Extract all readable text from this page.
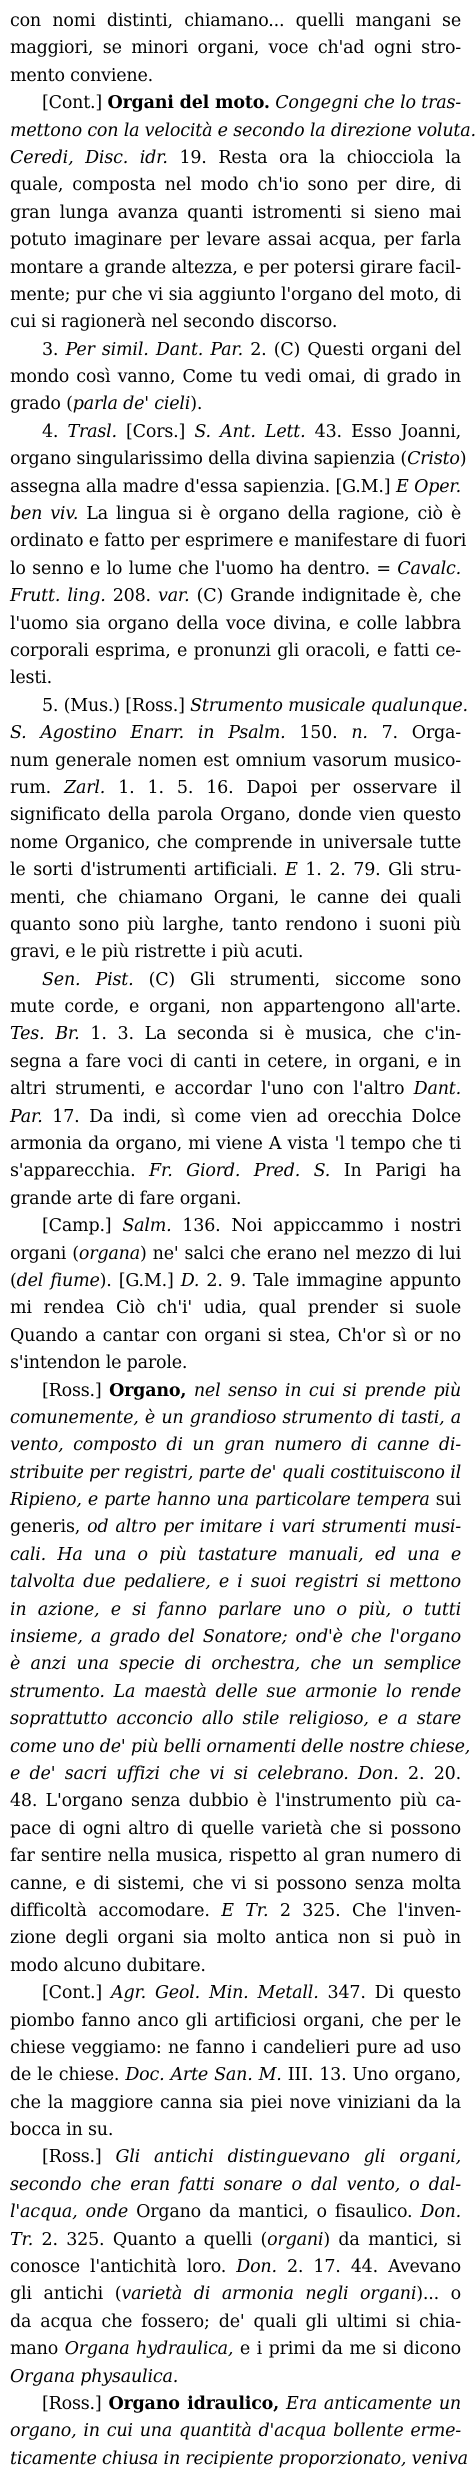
con nomi distinti, chiamano... quelli mangani se
maggiori, se minori organi, voce ch'ad ogni stro-
mento conviene.
[Cont.] Organi del moto. Congegni che lo tras-
mettono con la velocità e secondo la direzione voluta.
Ceredi, Disc. idr. 19. Resta ora la chiocciola la
quale, composta nel modo ch'io sono per dire, di
gran lunga avanza quanti istromenti si sieno mai
potuto imaginare per levare assai acqua, per farla
montare a grande altezza, e per potersi girare facil-
mente; pur che vi sia aggiunto l'organo del moto, di
cui si ragionerà nel secondo discorso.
3. Per simil. Dant. Par. 2. (C) Questi organi del
mondo così vanno, Come tu vedi omai, di grado in
grado (parla de' cieli).
4. Trasl. [Cors.] S. Ant. Lett. 43. Esso Joanni,
organo singularissimo della divina sapienzia (Cristo)
assegna alla madre d'essa sapienzia. [G.M.] E Oper.
ben viv. La lingua si è organo della ragione, ciò è
ordinato e fatto per esprimere e manifestare di fuori
lo senno e lo lume che l'uomo ha dentro. = Cavalc.
Frutt. ling. 208. var. (C) Grande indignitade è, che
l'uomo sia organo della voce divina, e colle labbra
corporali esprima, e pronunzi gli oracoli, e fatti ce-
lesti.
5. (Mus.) [Ross.] Strumento musicale qualunque.
S. Agostino Enarr. in Psalm. 150. n. 7. Orga-
num generale nomen est omnium vasorum musico-
rum. Zarl. 1. 1. 5. 16. Dapoi per osservare il
significato della parola Organo, donde vien questo
nome Organico, che comprende in universale tutte
le sorti d'istrumenti artificiali. E 1. 2. 79. Gli stru-
menti, che chiamano Organi, le canne dei quali
quanto sono più larghe, tanto rendono i suoni più
gravi, e le più ristrette i più acuti.
Sen. Pist. (C) Gli strumenti, siccome sono
mute corde, e organi, non appartengono all'arte.
Tes. Br. 1. 3. La seconda si è musica, che c'in-
segna a fare voci di canti in cetere, in organi, e in
altri strumenti, e accordar l'uno con l'altro Dant.
Par. 17. Da indi, sì come vien ad orecchia Dolce
armonia da organo, mi viene A vista 'l tempo che ti
s'apparecchia. Fr. Giord. Pred. S. In Parigi ha
grande arte di fare organi.
[Camp.] Salm. 136. Noi appiccammo i nostri
organi (organa) ne' salci che erano nel mezzo di lui
(del fiume). [G.M.] D. 2. 9. Tale immagine appunto
mi rendea Ciò ch'i' udia, qual prender si suole
Quando a cantar con organi si stea, Ch'or sì or no
s'intendon le parole.
[Ross.] Organo, nel senso in cui si prende più
comunemente, è un grandioso strumento di tasti, a
vento, composto di un gran numero di canne di-
stribuite per registri, parte de' quali costituiscono il
Ripieno, e parte hanno una particolare tempera sui
generis, od altro per imitare i vari strumenti musi-
cali. Ha una o più tastature manuali, ed una e
talvolta due pedaliere, e i suoi registri si mettono
in azione, e si fanno parlare uno o più, o tutti
insieme, a grado del Sonatore; ond'è che l'organo
è anzi una specie di orchestra, che un semplice
strumento. La maestà delle sue armonie lo rende
soprattutto acconcio allo stile religioso, e a stare
come uno de' più belli ornamenti delle nostre chiese,
e de' sacri uffizi che vi si celebrano. Don. 2. 20.
48. L'organo senza dubbio è l'instrumento più ca-
pace di ogni altro di quelle varietà che si possono
far sentire nella musica, rispetto al gran numero di
canne, e di sistemi, che vi si possono senza molta
difficoltà accomodare. E Tr. 2 325. Che l'inven-
zione degli organi sia molto antica non si può in
modo alcuno dubitare.
[Cont.] Agr. Geol. Min. Metall. 347. Di questo
piombo fanno anco gli artificiosi organi, che per le
chiese veggiamo: ne fanno i candelieri pure ad uso
de le chiese. Doc. Arte San. M. III. 13. Uno organo,
che la maggiore canna sia piei nove viniziani da la
bocca in su.
[Ross.] Gli antichi distinguevano gli organi,
secondo che eran fatti sonare o dal vento, o dal-
l'acqua, onde Organo da mantici, o fisaulico. Don.
Tr. 2. 325. Quanto a quelli (organi) da mantici, si
conosce l'antichità loro. Don. 2. 17. 44. Avevano
gli antichi (varietà di armonia negli organi)... o
da acqua che fossero; de' quali gli ultimi si chia-
mano Organa hydraulica, e i primi da me si dicono
Organa physaulica.
[Ross.] Organo idraulico, Era anticamente un
organo, in cui una quantità d'acqua bollente erme-
ticamente chiusa in recipiente proporzionato, veniva
